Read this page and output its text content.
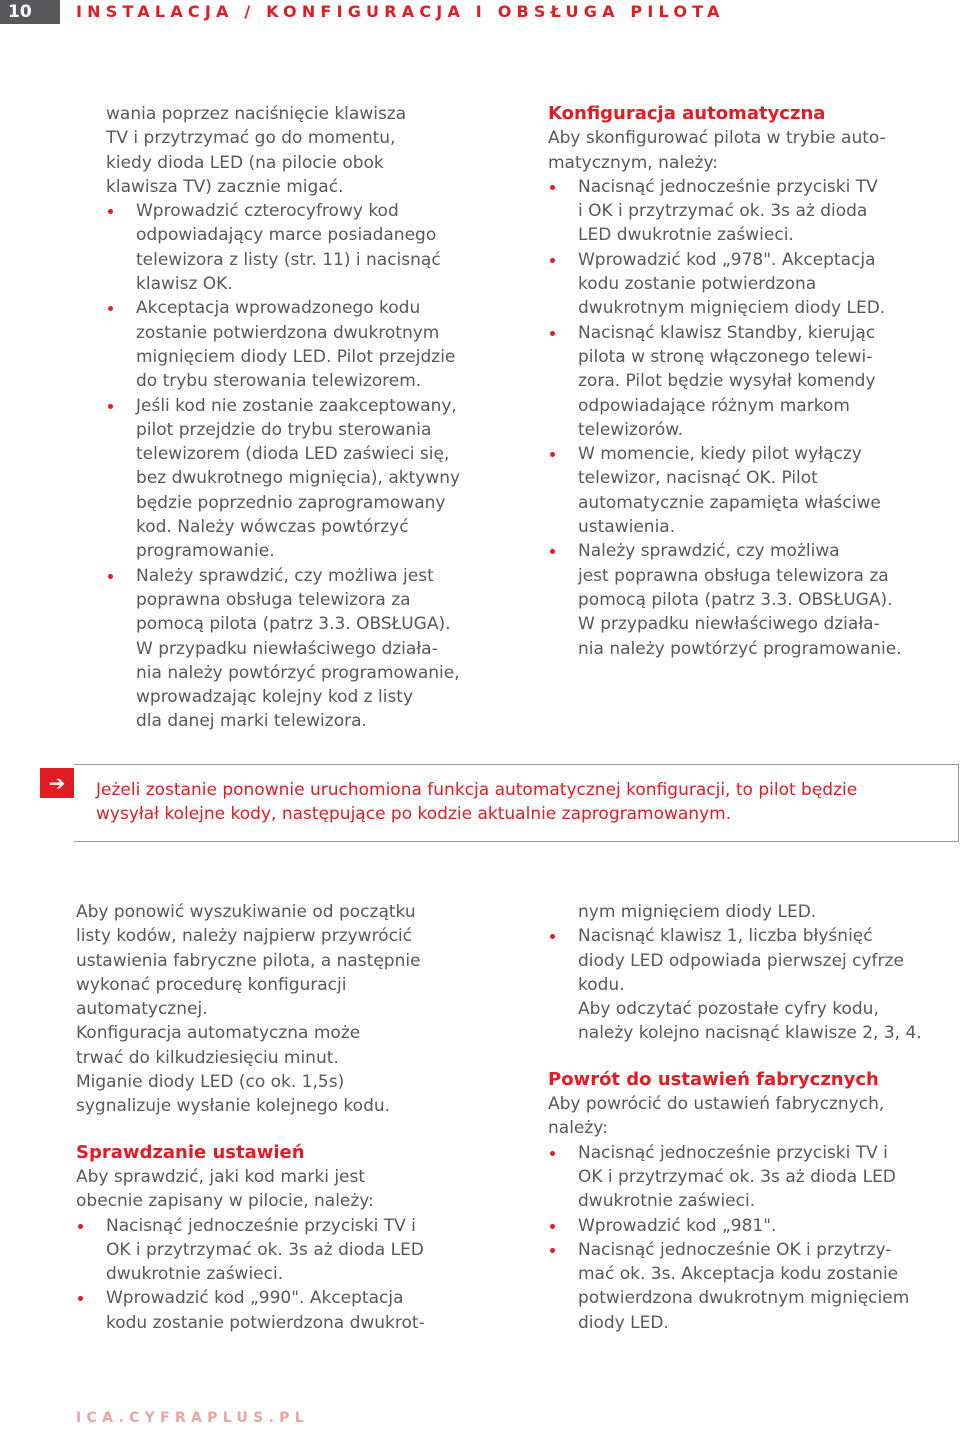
10	INSTALACJA / KONFIGURACJA I OBSŁUGA PILOTA
wania poprzez naciśnięcie klawisza
TV i przytrzymać go do momentu,
kiedy dioda LED (na pilocie obok
klawisza TV) zacznie migać.
Wprowadzić czterocyfrowy kod
odpowiadający marce posiadanego
telewizora z listy (str. 11) i nacisnąć
klawisz OK.
Akceptacja wprowadzonego kodu
zostanie potwierdzona dwukrotnym
mignięciem diody LED. Pilot przejdzie
do trybu sterowania telewizorem.
Jeśli kod nie zostanie zaakceptowany,
pilot przejdzie do trybu sterowania
telewizorem (dioda LED zaświeci się,
bez dwukrotnego mignięcia), aktywny
będzie poprzednio zaprogramowany
kod. Należy wówczas powtórzyć
programowanie.
Należy sprawdzić, czy możliwa jest
poprawna obsługa telewizora za
pomocą pilota (patrz 3.3. OBSŁUGA).
W przypadku niewłaściwego działa-
nia należy powtórzyć programowanie,
wprowadzając kolejny kod z listy
dla danej marki telewizora.

Konfiguracja automatyczna

Aby skonfigurować pilota w trybie auto-
matycznym, należy:
Nacisnąć jednocześnie przyciski TV
i OK i przytrzymać ok. 3s aż dioda
LED dwukrotnie zaświeci.
Wprowadzić kod „978". Akceptacja
kodu zostanie potwierdzona
dwukrotnym mignięciem diody LED.
Nacisnąć klawisz Standby, kierując
pilota w stronę włączonego telewi-
zora. Pilot będzie wysyłał komendy
odpowiadające różnym markom
telewizorów.
W momencie, kiedy pilot wyłączy
telewizor, nacisnąć OK. Pilot
automatycznie zapamięta właściwe
ustawienia.
Należy sprawdzić, czy możliwa
jest poprawna obsługa telewizora za
pomocą pilota (patrz 3.3. OBSŁUGA).
W przypadku niewłaściwego działa-
nia należy powtórzyć programowanie.
➔	Jeżeli zostanie ponownie uruchomiona funkcja automatycznej konfiguracji, to pilot będzie
wysyłał kolejne kody, następujące po kodzie aktualnie zaprogramowanym.
Aby ponowić wyszukiwanie od początku
listy kodów, należy najpierw przywrócić
ustawienia fabryczne pilota, a następnie
wykonać procedurę konfiguracji
automatycznej.
Konfiguracja automatyczna może
trwać do kilkudziesięciu minut.
Miganie diody LED (co ok. 1,5s)
sygnalizuje wysłanie kolejnego kodu.

Sprawdzanie ustawień

Aby sprawdzić, jaki kod marki jest
obecnie zapisany w pilocie, należy:
Nacisnąć jednocześnie przyciski TV i
OK i przytrzymać ok. 3s aż dioda LED
dwukrotnie zaświeci.
Wprowadzić kod „990". Akceptacja
kodu zostanie potwierdzona dwukrot-
nym mignięciem diody LED.
Nacisnąć klawisz 1, liczba błyśnięć
diody LED odpowiada pierwszej cyfrze
kodu.
Aby odczytać pozostałe cyfry kodu,
należy kolejno nacisnąć klawisze 2, 3, 4.

Powrót do ustawień fabrycznych

Aby powrócić do ustawień fabrycznych,
należy:
Nacisnąć jednocześnie przyciski TV i
OK i przytrzymać ok. 3s aż dioda LED
dwukrotnie zaświeci.
Wprowadzić kod „981".
Nacisnąć jednocześnie OK i przytrzy-
mać ok. 3s. Akceptacja kodu zostanie
potwierdzona dwukrotnym mignięciem
diody LED.
ICA.CYFRAPLUS.PL
